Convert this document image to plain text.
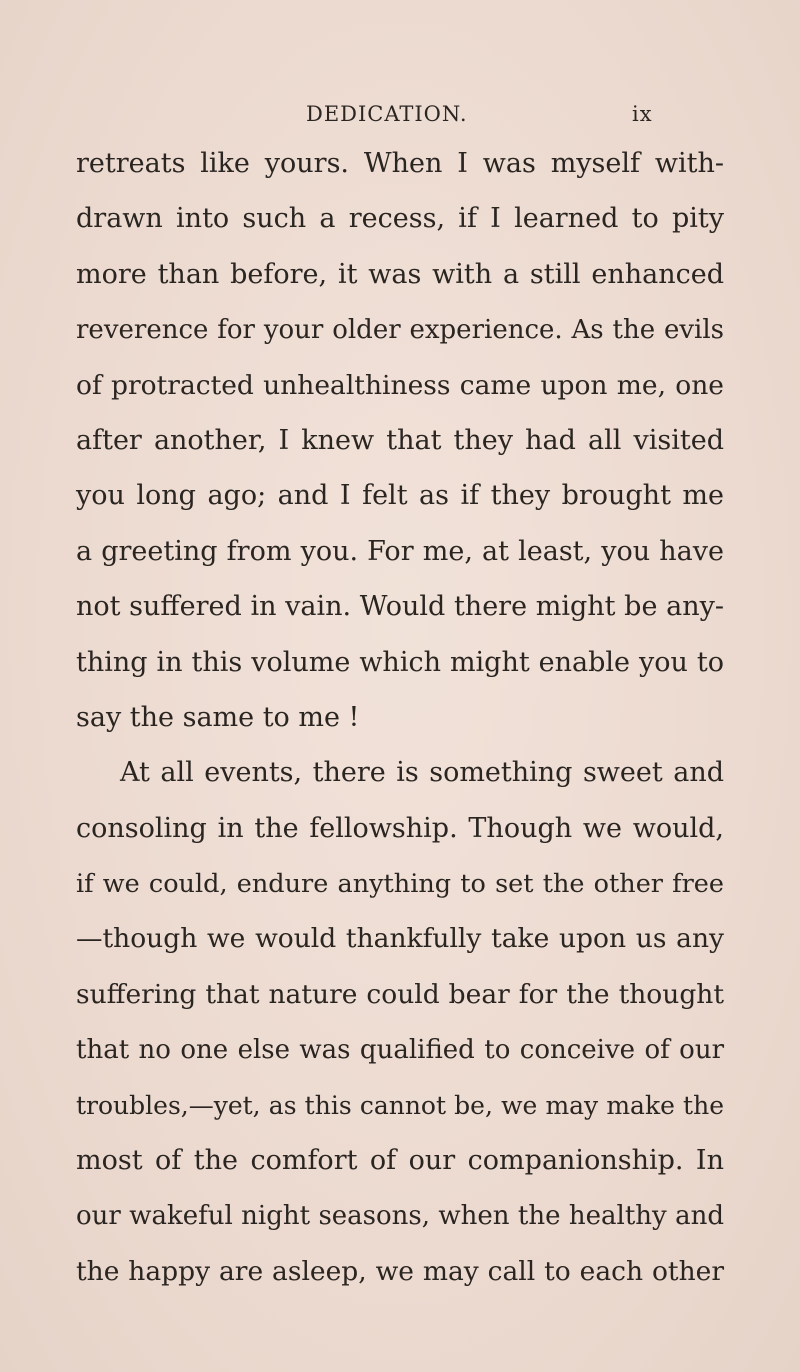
DEDICATION.	ix
retreats like yours. When I was myself with-
drawn into such a recess, if I learned to pity
more than before, it was with a still enhanced
reverence for your older experience. As the evils
of protracted unhealthiness came upon me, one
after another, I knew that they had all visited
you long ago; and I felt as if they brought me
a greeting from you. For me, at least, you have
not suffered in vain. Would there might be any-
thing in this volume which might enable you to
say the same to me !
At all events, there is something sweet and
consoling in the fellowship. Though we would,
if we could, endure anything to set the other free
—though we would thankfully take upon us any
suffering that nature could bear for the thought
that no one else was qualified to conceive of our
troubles,—yet, as this cannot be, we may make the
most of the comfort of our companionship. In
our wakeful night seasons, when the healthy and
the happy are asleep, we may call to each other
